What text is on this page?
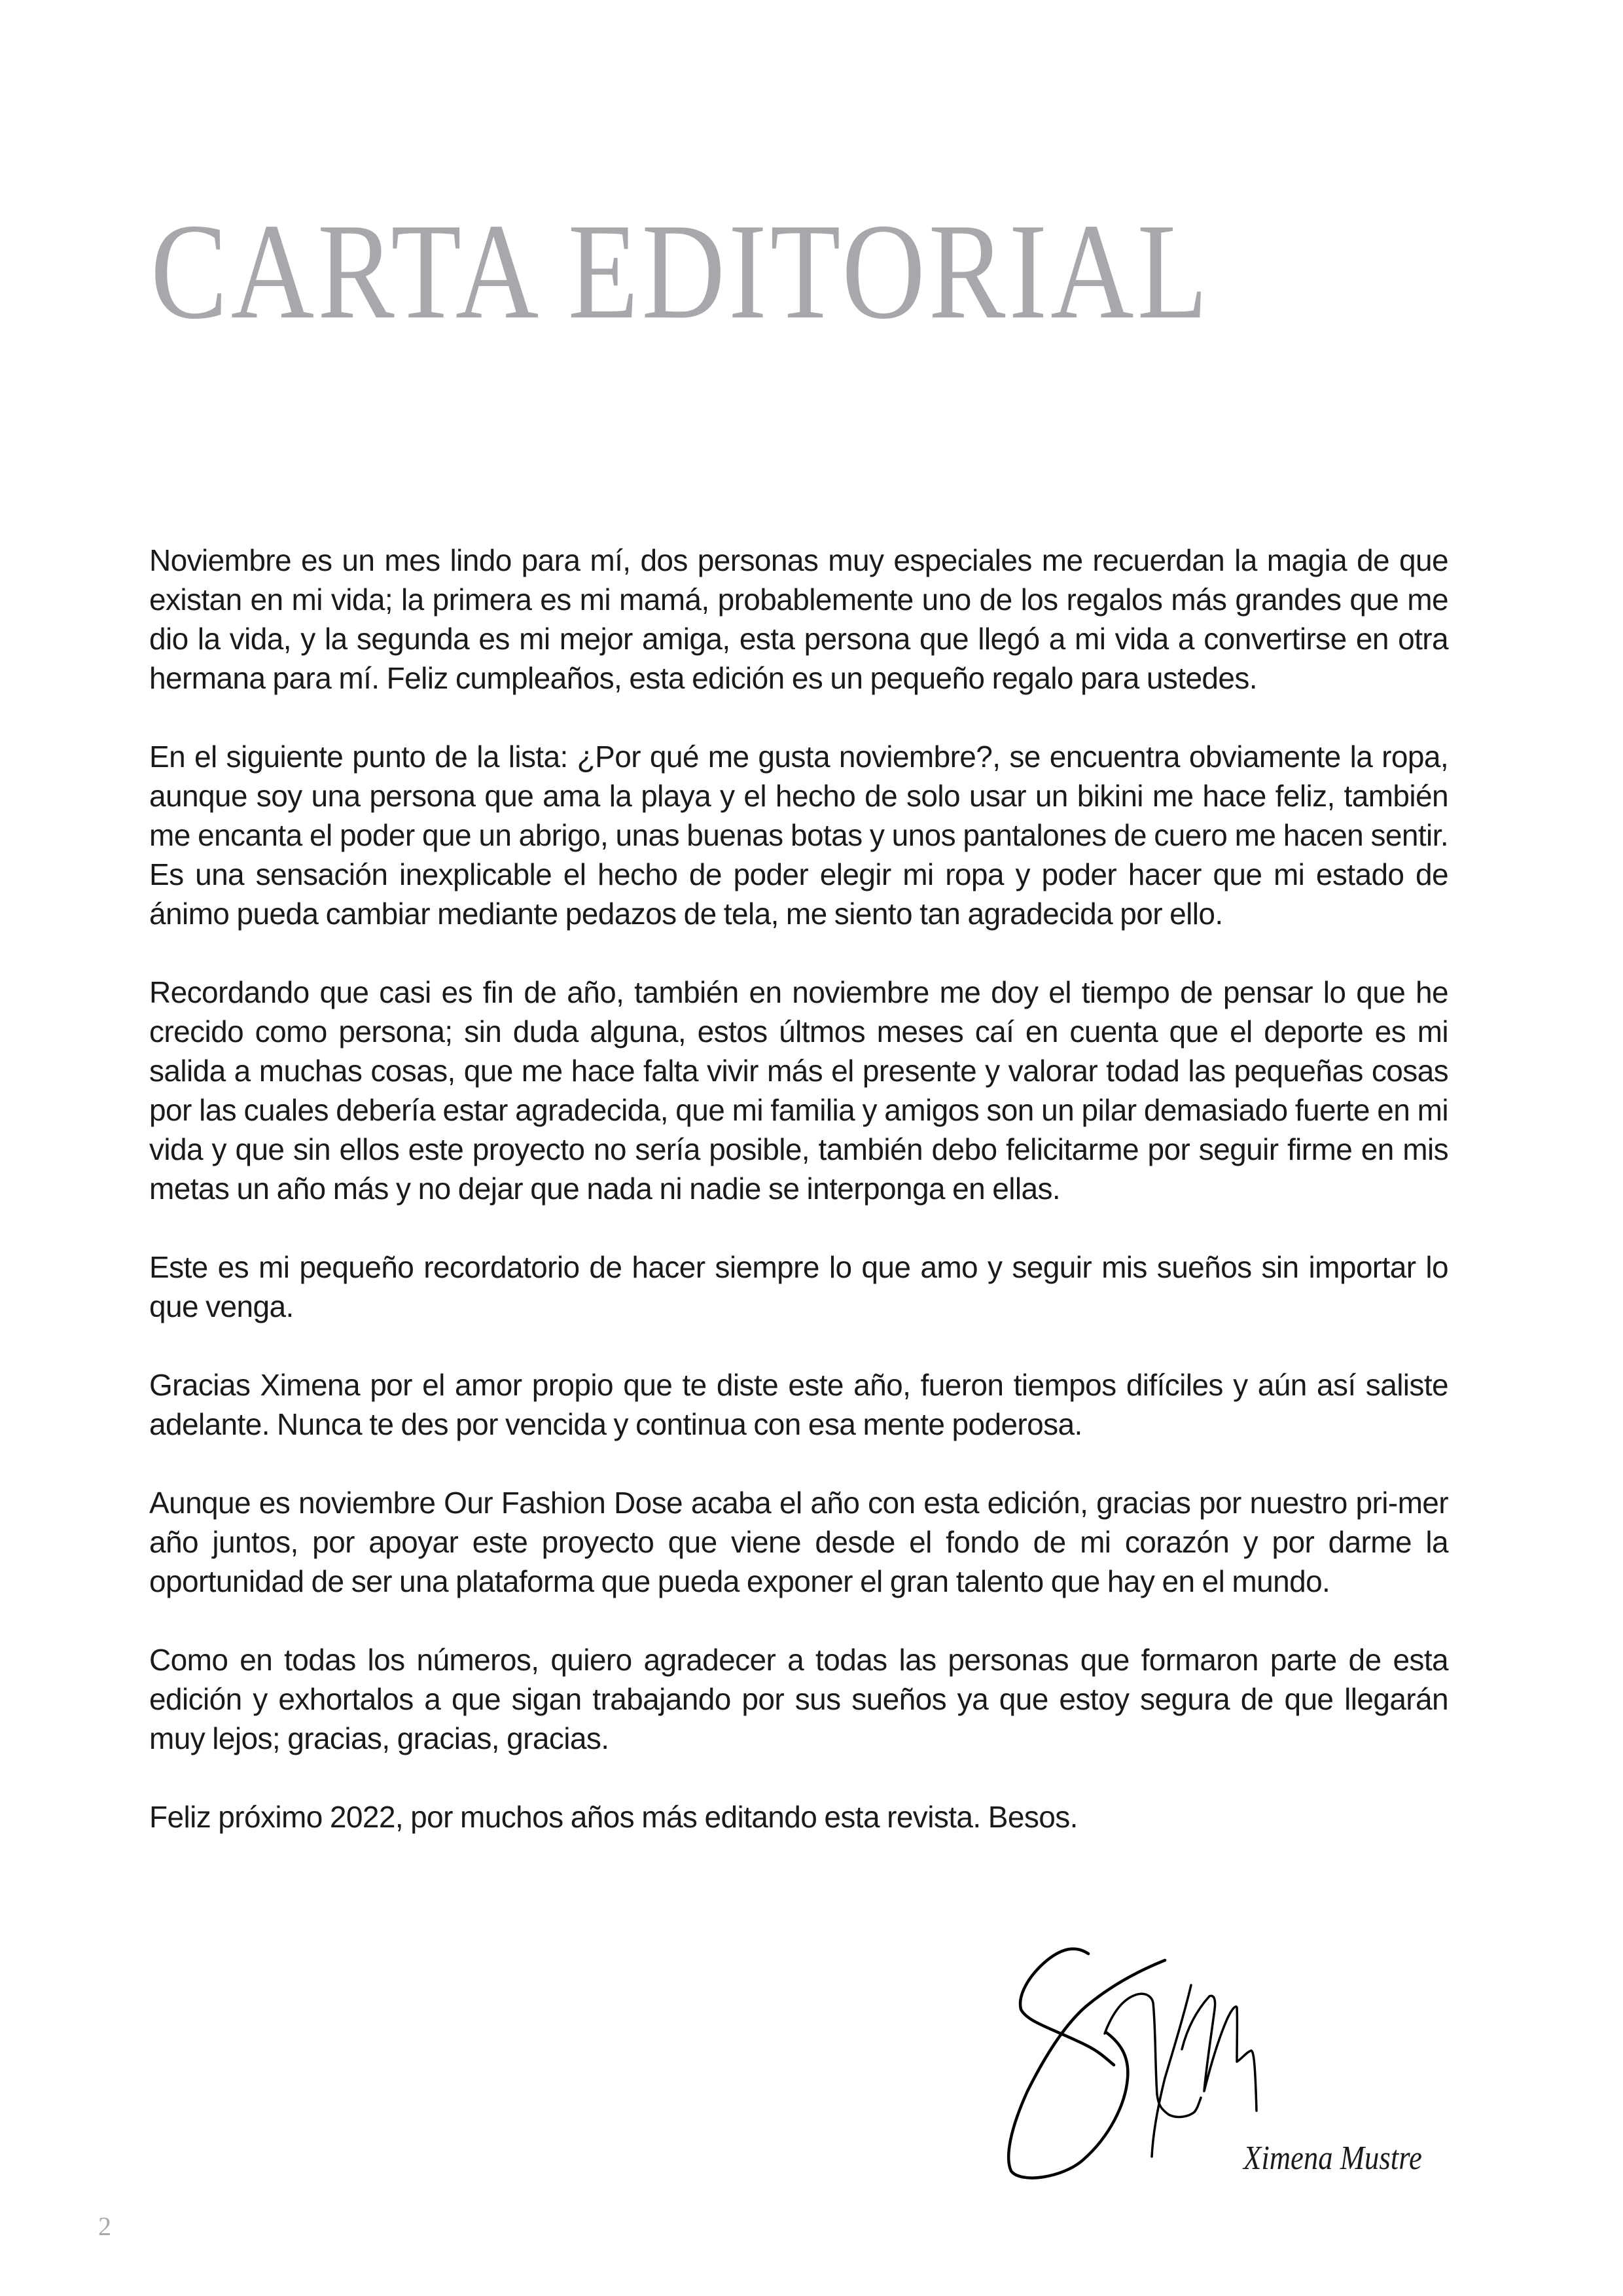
CARTA EDITORIAL

Noviembre es un mes lindo para mí, dos personas muy especiales me recuerdan la magia de que existan en mi vida; la primera es mi mamá, probablemente uno de los regalos más grandes que me dio la vida, y la segunda es mi mejor amiga, esta persona que llegó a mi vida a convertirse en otra hermana para mí. Feliz cumpleaños, esta edición es un pequeño regalo para ustedes.

En el siguiente punto de la lista: ¿Por qué me gusta noviembre?, se encuentra obviamente la ropa, aunque soy una persona que ama la playa y el hecho de solo usar un bikini me hace feliz, también me encanta el poder que un abrigo, unas buenas botas y unos pantalones de cuero me hacen sentir. Es una sensación inexplicable el hecho de poder elegir mi ropa y poder hacer que mi estado de ánimo pueda cambiar mediante pedazos de tela, me siento tan agradecida por ello.

Recordando que casi es fin de año, también en noviembre me doy el tiempo de pensar lo que he crecido como persona; sin duda alguna, estos últmos meses caí en cuenta que el deporte es mi salida a muchas cosas, que me hace falta vivir más el presente y valorar todad las pequeñas cosas por las cuales debería estar agradecida, que mi familia y amigos son un pilar demasiado fuerte en mi vida y que sin ellos este proyecto no sería posible, también debo felicitarme por seguir firme en mis metas un año más y no dejar que nada ni nadie se interponga en ellas.

Este es mi pequeño recordatorio de hacer siempre lo que amo y seguir mis sueños sin importar lo que venga.

Gracias Ximena por el amor propio que te diste este año, fueron tiempos difíciles y aún así saliste adelante. Nunca te des por vencida y continua con esa mente poderosa.

Aunque es noviembre Our Fashion Dose acaba el año con esta edición, gracias por nuestro pri-mer año juntos, por apoyar este proyecto que viene desde el fondo de mi corazón y por darme la oportunidad de ser una plataforma que pueda exponer el gran talento que hay en el mundo.

Como en todas los números, quiero agradecer a todas las personas que formaron parte de esta edición y exhortalos a que sigan trabajando por sus sueños ya que estoy segura de que llegarán muy lejos; gracias, gracias, gracias.

Feliz próximo 2022, por muchos años más editando esta revista. Besos.

Ximena Mustre
2
